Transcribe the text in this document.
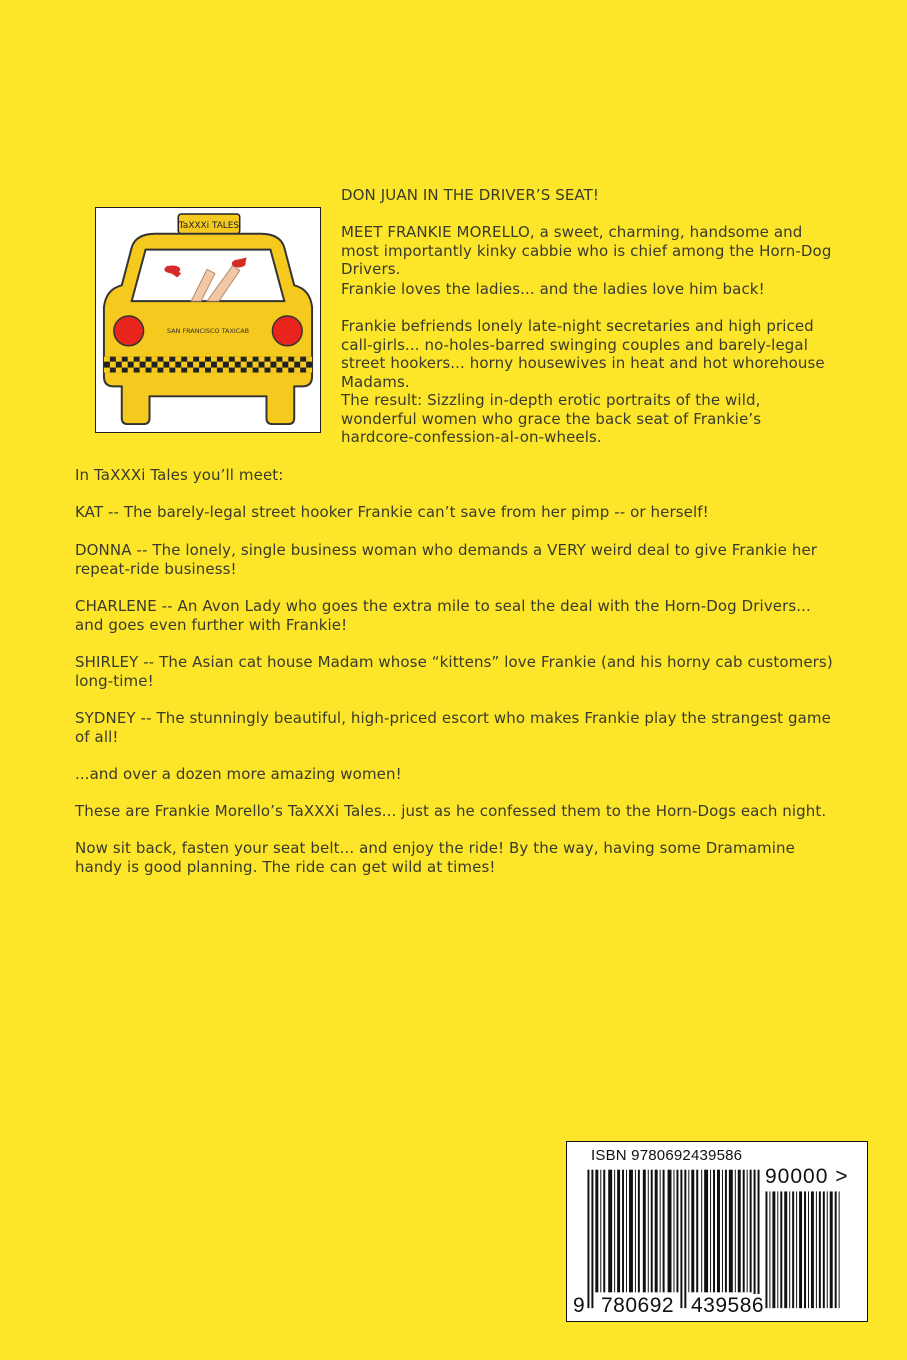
TaXXXi TALES
SAN FRANCISCO TAXICAB

DON JUAN IN THE DRIVER’S SEAT!

MEET FRANKIE MORELLO, a sweet, charming, handsome and most importantly kinky cabbie who is chief among the Horn-Dog Drivers.

Frankie loves the ladies... and the ladies love him back!

Frankie befriends lonely late-night secretaries and high priced call-girls... no-holes-barred swinging couples and barely-legal street hookers... horny housewives in heat and hot whorehouse Madams.

The result: Sizzling in-depth erotic portraits of the wild, wonderful women who grace the back seat of Frankie’s hardcore-confession-al-on-wheels.

In TaXXXi Tales you’ll meet:

KAT -- The barely-legal street hooker Frankie can’t save from her pimp -- or herself!

DONNA -- The lonely, single business woman who demands a VERY weird deal to give Frankie her repeat-ride business!

CHARLENE -- An Avon Lady who goes the extra mile to seal the deal with the Horn-Dog Drivers... and goes even further with Frankie!

SHIRLEY -- The Asian cat house Madam whose “kittens” love Frankie (and his horny cab customers) long-time!

SYDNEY -- The stunningly beautiful, high-priced escort who makes Frankie play the strangest game of all!

...and over a dozen more amazing women!

These are Frankie Morello’s TaXXXi Tales... just as he confessed them to the Horn-Dogs each night.

Now sit back, fasten your seat belt... and enjoy the ride! By the way, having some Dramamine handy is good planning. The ride can get wild at times!

ISBN 9780692439586
90000 >
9 780692 439586
